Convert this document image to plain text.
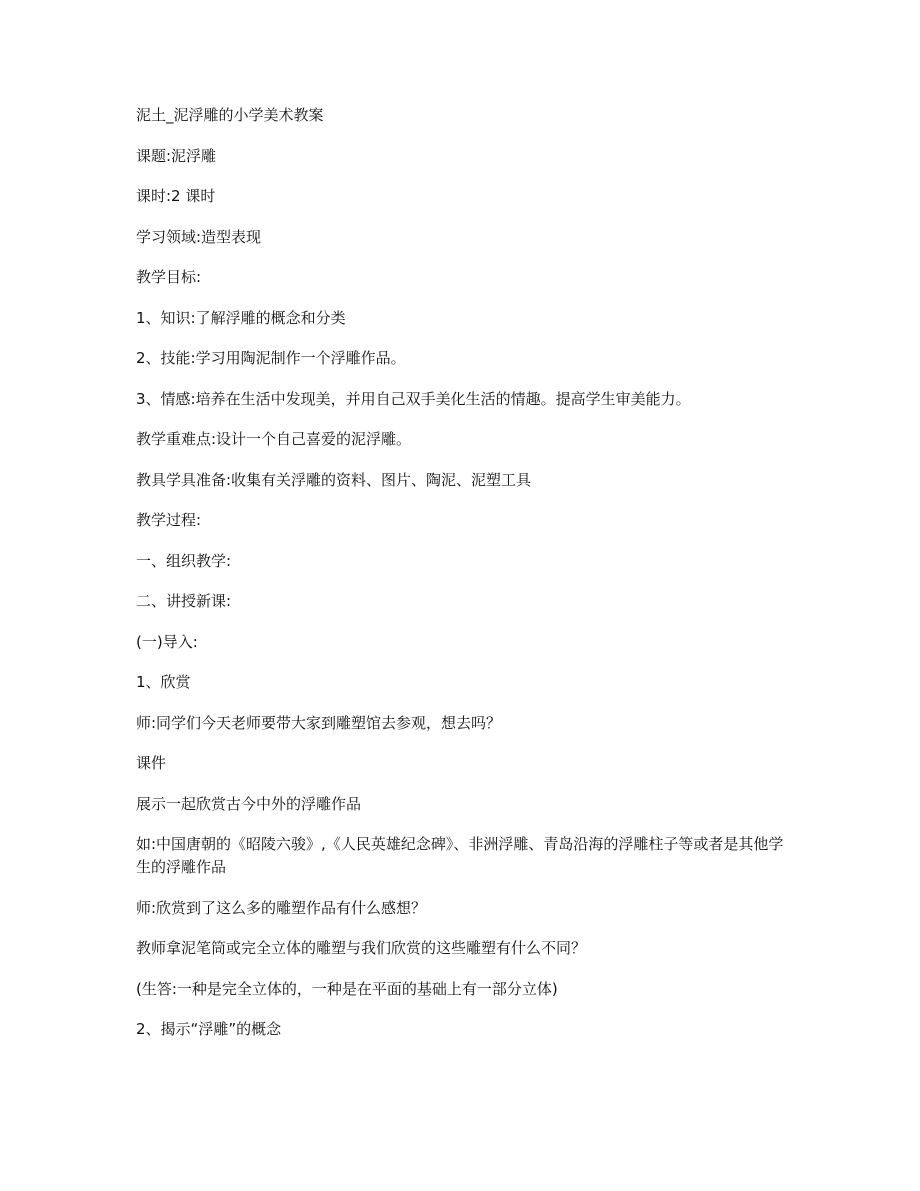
泥土_泥浮雕的小学美术教案

课题:泥浮雕

课时:2 课时

学习领域:造型表现

教学目标:

1、知识:了解浮雕的概念和分类

2、技能:学习用陶泥制作一个浮雕作品。

3、情感:培养在生活中发现美，并用自己双手美化生活的情趣。提高学生审美能力。

教学重难点:设计一个自己喜爱的泥浮雕。

教具学具准备:收集有关浮雕的资料、图片、陶泥、泥塑工具

教学过程:

一、组织教学:

二、讲授新课:

(一)导入:

1、欣赏

师:同学们今天老师要带大家到雕塑馆去参观，想去吗？

课件

展示一起欣赏古今中外的浮雕作品

如:中国唐朝的《昭陵六骏》,《人民英雄纪念碑》、非洲浮雕、青岛沿海的浮雕柱子等或者是其他学生的浮雕作品

师:欣赏到了这么多的雕塑作品有什么感想？

教师拿泥笔筒或完全立体的雕塑与我们欣赏的这些雕塑有什么不同？

(生答:一种是完全立体的，一种是在平面的基础上有一部分立体)

2、揭示“浮雕”的概念
